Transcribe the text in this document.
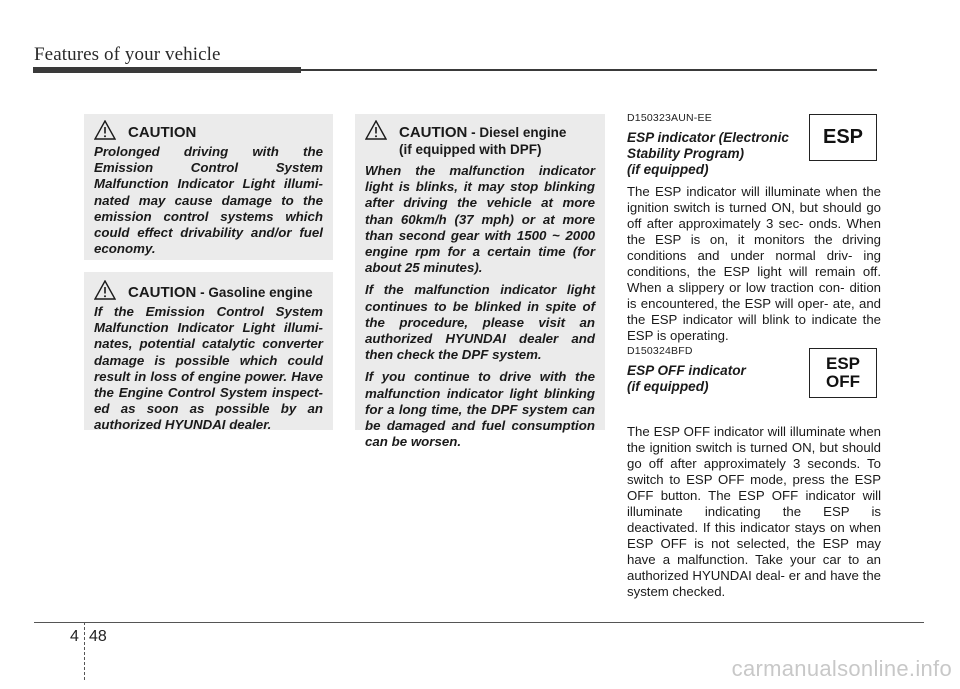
Features of your vehicle
CAUTION

Prolonged driving with the Emission Control System Malfunction Indicator Light illumi- nated may cause damage to the emission control systems which could effect drivability and/or fuel economy.

CAUTION - Gasoline engine

If the Emission Control System Malfunction Indicator Light illumi- nates, potential catalytic converter damage is possible which could result in loss of engine power. Have the Engine Control System inspect- ed as soon as possible by an authorized HYUNDAI dealer.

CAUTION - Diesel engine
(if equipped with DPF)

When the malfunction indicator light is blinks, it may stop blinking after driving the vehicle at more than 60km/h (37 mph) or at more than second gear with 1500 ~ 2000 engine rpm for a certain time (for about 25 minutes).

If the malfunction indicator light continues to be blinked in spite of the procedure, please visit an authorized HYUNDAI dealer and then check the DPF system.

If you continue to drive with the malfunction indicator light blinking for a long time, the DPF system can be damaged and fuel consumption can be worsen.

D150323AUN-EE
ESP indicator (Electronic
Stability Program)
(if equipped)

The ESP indicator will illuminate when the ignition switch is turned ON, but should go off after approximately 3 sec- onds. When the ESP is on, it monitors the driving conditions and under normal driv- ing conditions, the ESP light will remain off. When a slippery or low traction con- dition is encountered, the ESP will oper- ate, and the ESP indicator will blink to indicate the ESP is operating.

ESP
D150324BFD
ESP OFF indicator
(if equipped)

The ESP OFF indicator will illuminate when the ignition switch is turned ON, but should go off after approximately 3 seconds. To switch to ESP OFF mode, press the ESP OFF button. The ESP OFF indicator will illuminate indicating the ESP is deactivated. If this indicator stays on when ESP OFF is not selected, the ESP may have a malfunction. Take your car to an authorized HYUNDAI deal- er and have the system checked.

ESP
OFF
4 48
carmanualsonline.info
